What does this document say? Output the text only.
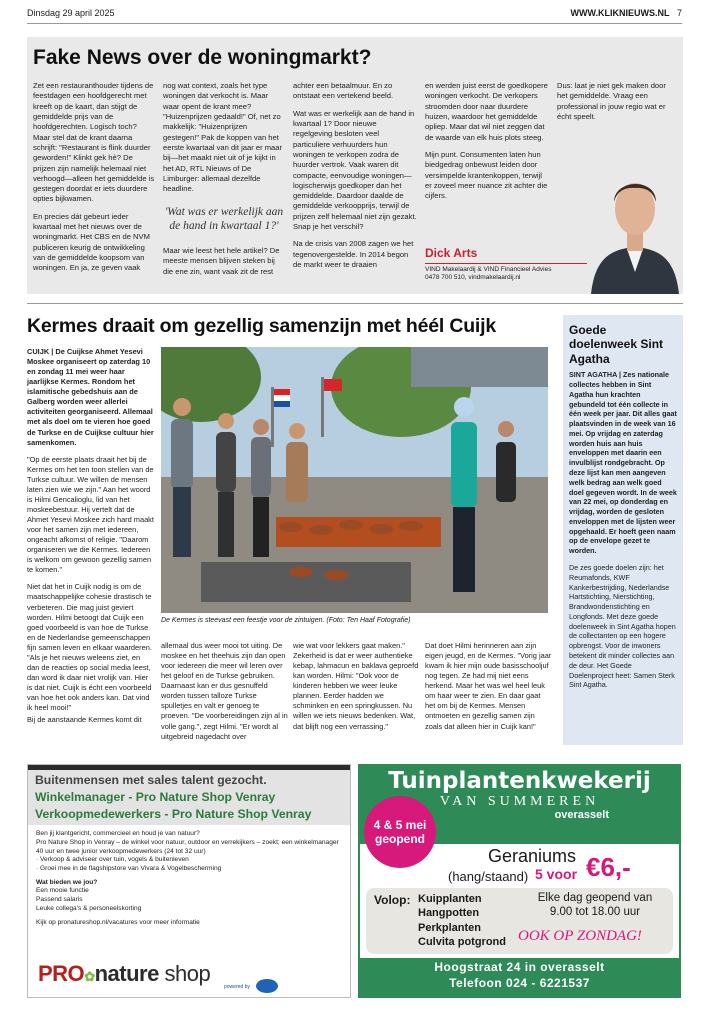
Dinsdag 29 april 2025	WWW.KLIKNIEUWS.NL 7
Fake News over de woningmarkt?

Zet een restauranthouder tijdens de feestdagen een hoofdgerecht met kreeft op de kaart, dan stijgt de gemiddelde prijs van de hoofdgerechten. Logisch toch? Maar stel dat de krant daarna schrijft: "Restaurant is flink duurder geworden!" Klinkt gek hè? De prijzen zijn namelijk helemaal niet verhoogd—alleen het gemiddelde is gestegen doordat er iets duurdere opties bijkwamen.

En precies dát gebeurt ieder kwartaal met het nieuws over de woningmarkt. Het CBS en de NVM publiceren keurig de ontwikkeling van de gemiddelde koopsom van woningen. En ja, ze geven vaak

nog wat context, zoals het type woningen dat verkocht is. Maar waar opent de krant mee? "Huizenprijzen gedaald!" Of, net zo makkelijk: "Huizenprijzen gestegen!" Pak de koppen van het eerste kwartaal van dit jaar er maar bij—het maakt niet uit of je kijkt in het AD, RTL Nieuws of De Limburger: allemaal dezelfde headline.

'Wat was er werkelijk aan de hand in kwartaal 1?'

Maar wie leest het hele artikel? De meeste mensen blijven steken bij die ene zin, want vaak zit de rest

achter een betaalmuur. En zo ontstaat een vertekend beeld.

Wat was er werkelijk aan de hand in kwartaal 1? Door nieuwe regelgeving besloten veel particuliere verhuurders hun woningen te verkopen zodra de huurder vertrok. Vaak waren dit compacte, eenvoudige woningen—logischerwijs goedkoper dan het gemiddelde. Daardoor daalde de gemiddelde verkoopprijs, terwijl de prijzen zelf helemaal niet zijn gezakt. Snap je het verschil?

Na de crisis van 2008 zagen we het tegenovergestelde. In 2014 begon de markt weer te draaien

en werden juist eerst de goedkopere woningen verkocht. De verkopers stroomden door naar duurdere huizen, waardoor het gemiddelde opliep. Maar dat wil niet zeggen dat de waarde van elk huis plots steeg.

Mijn punt. Consumenten laten hun biedgedrag onbewust leiden door versimpelde krantenkoppen, terwijl er zoveel meer nuance zit achter die cijfers.

Dus: laat je niet gek maken door het gemiddelde. Vraag een professional in jouw regio wat er écht speelt.

Dick Arts
VIND Makelaardij & VIND Financieel Advies
0478 700 510, vindmakelaardij.nl
Kermes draait om gezellig samenzijn met héél Cuijk

CUIJK | De Cuijkse Ahmet Yesevi Moskee organiseert op zaterdag 10 en zondag 11 mei weer haar jaarlijkse Kermes. Rondom het islamitische gebedshuis aan de Galberg worden weer allerlei activiteiten georganiseerd. Allemaal met als doel om te vieren hoe goed de Turkse en de Cuijkse cultuur hier samenkomen.

"Op de eerste plaats draait het bij de Kermes om het ten toon stellen van de Turkse cultuur. We willen de mensen laten zien wie we zijn." Aan het woord is Hilmi Gencalioglu, lid van het moskeebestuur. Hij vertelt dat de Ahmet Yesevi Moskee zich hard maakt voor het samen zijn met iedereen, ongeacht afkomst of religie. "Daarom organiseren we die Kermes. Iedereen is welkom om gewoon gezellig samen te komen."

Niet dat het in Cuijk nodig is om de maatschappelijke cohesie drastisch te verbeteren. Die mag juist geviert worden. Hilmi betoogt dat Cuijk een goed voorbeeld is van hoe de Turkse en de Nederlandse gemeenschappen fijn samen leven en elkaar waarderen. "Als je het nieuws weleens ziet, en dan de reacties op social media leest, dan word ik daar niet vrolijk van. Hier is dat niet. Cuijk is écht een voorbeeld van hoe het ook anders kan. Dat vind ik heel mooi!"

Bij de aanstaande Kermes komt dit

De Kermes is steevast een feestje voor de zintuigen. (Foto: Ten Haaf Fotografie)

allemaal dus weer mooi tot uiting. De moskee en het theehuis zijn dan open voor iedereen die meer wil leren over het geloof en de Turkse gebruiken. Daarnaast kan er dus gesnuffeld worden tussen talloze Turkse spulletjes en valt er genoeg te proeven. "De voorbereidingen zijn al in volle gang.", zegt Hilmi. "Er wordt al uitgebreid nagedacht over

wie wat voor lekkers gaat maken." Zekerheid is dat er weer authentieke kebap, lahmacun en baklava geproefd kan worden. Hilmi: "Ook voor de kinderen hebben we weer leuke plannen. Eerder hadden we schminken en een springkussen. Nu willen we iets nieuws bedenken. Wat, dat blijft nog een verrassing."

Dat doet Hilmi herinneren aan zijn eigen jeugd, en de Kermes. "Vorig jaar kwam ik hier mijn oude basisschooljuf nog tegen. Ze had mij niet eens herkend. Maar het was wel heel leuk om haar weer te zien. En daar gaat het om bij de Kermes. Mensen ontmoeten en gezellig samen zijn zoals dat alleen hier in Cuijk kan!"

Goede doelenweek Sint Agatha

SINT AGATHA | Zes nationale collectes hebben in Sint Agatha hun krachten gebundeld tot één collecte in één week per jaar. Dit alles gaat plaatsvinden in de week van 16 mei. Op vrijdag en zaterdag worden huis aan huis enveloppen met daarin een invulblijst rondgebracht. Op deze lijst kan men aangeven welk bedrag aan welk goed doel gegeven wordt. In de week van 22 mei, op donderdag en vrijdag, worden de gesloten enveloppen met de lijsten weer opgehaald. Er hoeft geen naam op de envelope gezet te worden.

De zes goede doelen zijn: het Reumafonds, KWF Kankerbestrijding, Nederlandse Hartstichting, Nierstichting, Brandwondenstichting en Longfonds. Met deze goede doelenweek in Sint Agatha hopen de collectanten op een hogere opbrengst. Voor de inwoners betekent dit minder collectes aan de deur. Het Goede Doelenproject heet: Samen Sterk Sint Agatha.

Buitenmensen met sales talent gezocht.
Winkelmanager - Pro Nature Shop Venray
Verkoopmedewerkers - Pro Nature Shop Venray
Ben jij klantgericht, commercieel en houd je van natuur?
Pro Nature Shop in Venray – de winkel voor natuur, outdoor en verrekijkers – zoekt; een winkelmanager 40 uur en twee junior verkoopmedewerkers (24 tot 32 uur)
· Verkoop & adviseer over tuin, vogels & buitenleven
· Groei mee in de flagshipstore van Vivara & Vogelbescherming
Wat bieden we jou?
Een mooie functie
Passend salaris
Leuke collega's & personeelskorting
Kijk op pronatureshop.nl/vacatures voor meer informatie
PRO✿nature shop
powered by
Tuinplantenkwekerij
VAN SUMMEREN
overasselt
4 & 5 mei geopend
Geraniums
(hang/staand) 5 voor €6,-
Volop: Kuipplanten
Hangpotten
Perkplanten
Culvita potgrond
Elke dag geopend van
9.00 tot 18.00 uur
OOK OP ZONDAG!
Hoogstraat 24 in overasselt
Telefoon 024 - 6221537
